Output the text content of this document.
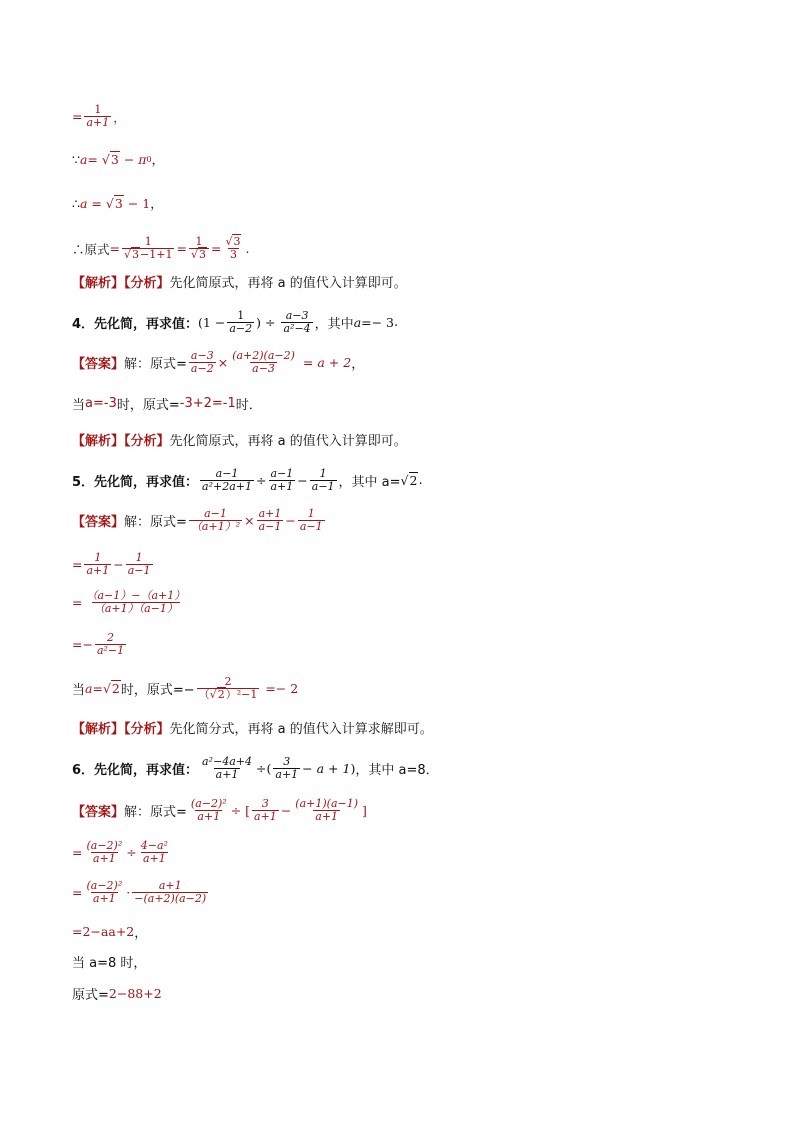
= $\frac{1}{a+1}$ ，
∵ a = √3 − π 0 ，
∴ a = √3 − 1 ，
∴原式 = $\frac{1}{√3-1+1} = \frac{1}{√3} = \frac{√3}{3}$ .
【解析】【分析】 先化简原式，再将 a 的值代入计算即可。
4．先化简，再求值： ($1 - \frac{1}{a-2}$ ) ÷ $\frac{a-3}{\text{a²−4}}$ ，其中 a =− 3 .
【答案】 解：原式= $\frac{a-3}{a-2} \times \frac{(a+2)(a-2)}{a-3} = a + 2$ ，
当 a=-3 时，原式= -3+2=-1 时．
【解析】【分析】 先化简原式，再将 a 的值代入计算即可。
5．先化简，再求值： $\frac{a-1}{\text{a²+2a+1}} \div \frac{a-1}{a+1} - \frac{1}{a-1}$ ，其中 a= √2 .
【答案】 解：原式= $\frac{a-1}{\text{（a+1）²}} \times \frac{a+1}{a-1} - \frac{1}{a-1}$
= $\frac{1}{a+1} - \frac{1}{a-1}$
= $\frac{(a-1)-(a+1)}{(a+1)(a-1)}$
=− $\frac{2}{\text{a²−1}}$
当 a = √2 时，原式=− $\frac{2}{\text{（√2）²−1}} =- 2$
【解析】【分析】 先化简分式，再将 a 的值代入计算求解即可。
6．先化简，再求值： $\frac{\text{a²−4a+4}}{a+1}$ ÷ ( $\frac{3}{a+1} - a + 1$ ) ，其中 a=8．
【答案】 解：原式= $\frac{\text{(a−2)²}}{a+1}$ ÷ [ $\frac{3}{a+1} - \frac{(a+1)(a-1)}{a+1}$ ]
= $\frac{\text{(a−2)²}}{a+1} \div \frac{\text{4−a²}}{a+1}$
= $\frac{\text{(a−2)²}}{a+1} \cdot \frac{a+1}{-(a+2)(a-2)}$
= 2−aa+2 ，
当 a=8 时，
原式= 2−88+2
